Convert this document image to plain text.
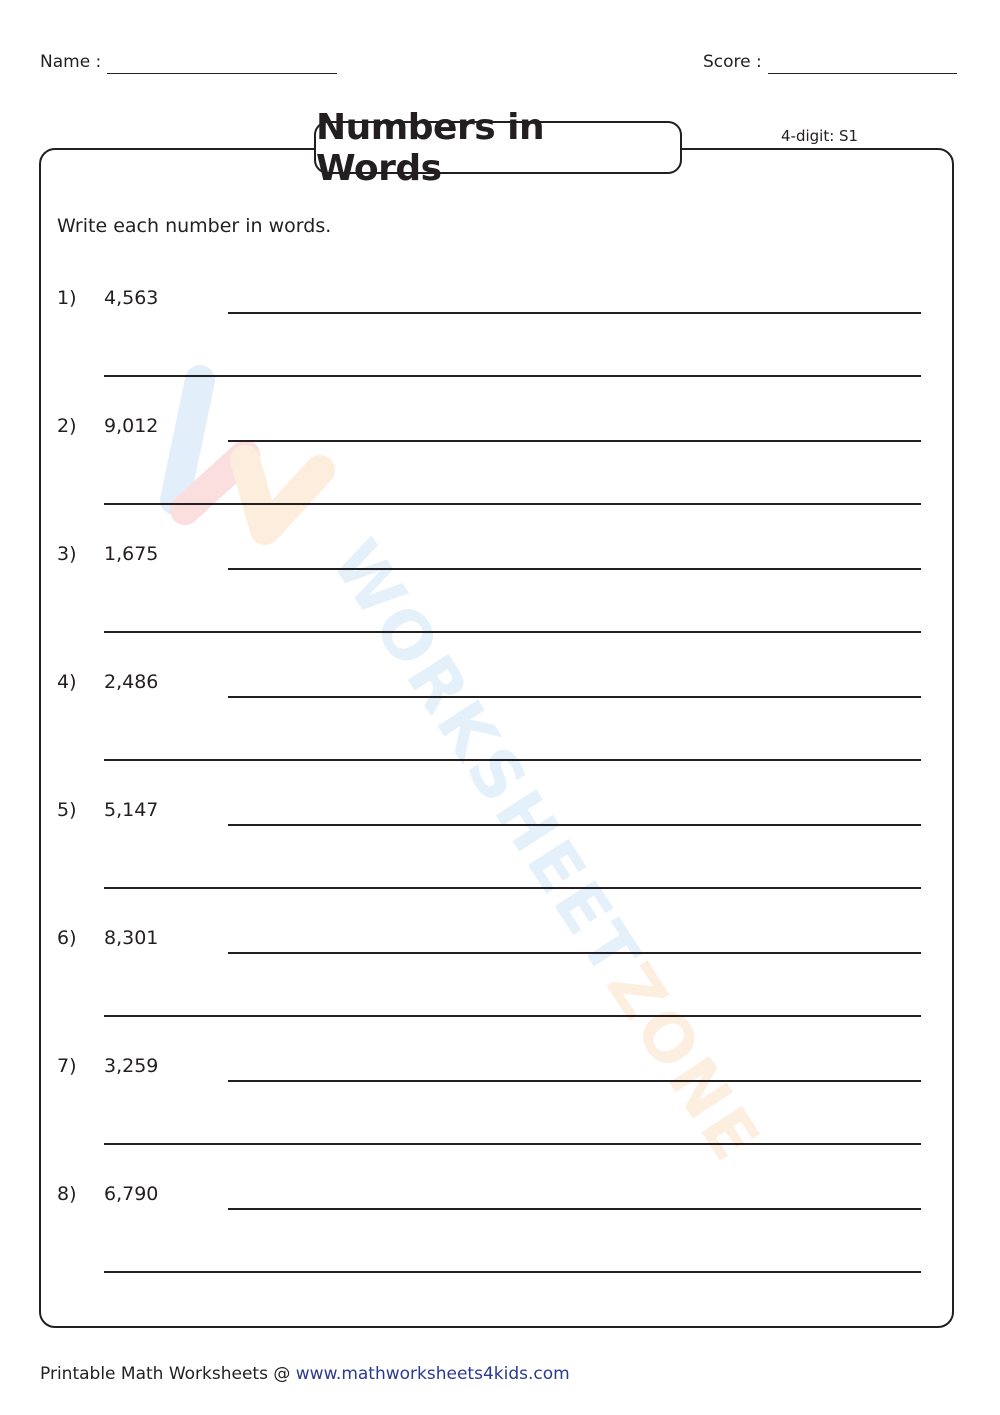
Name :	Score :
Numbers in Words
4-digit: S1
WORKSHEETZONE
Write each number in words.
1) 4,563
2) 9,012
3) 1,675
4) 2,486
5) 5,147
6) 8,301
7) 3,259
8) 6,790
Printable Math Worksheets @ www.mathworksheets4kids.com
